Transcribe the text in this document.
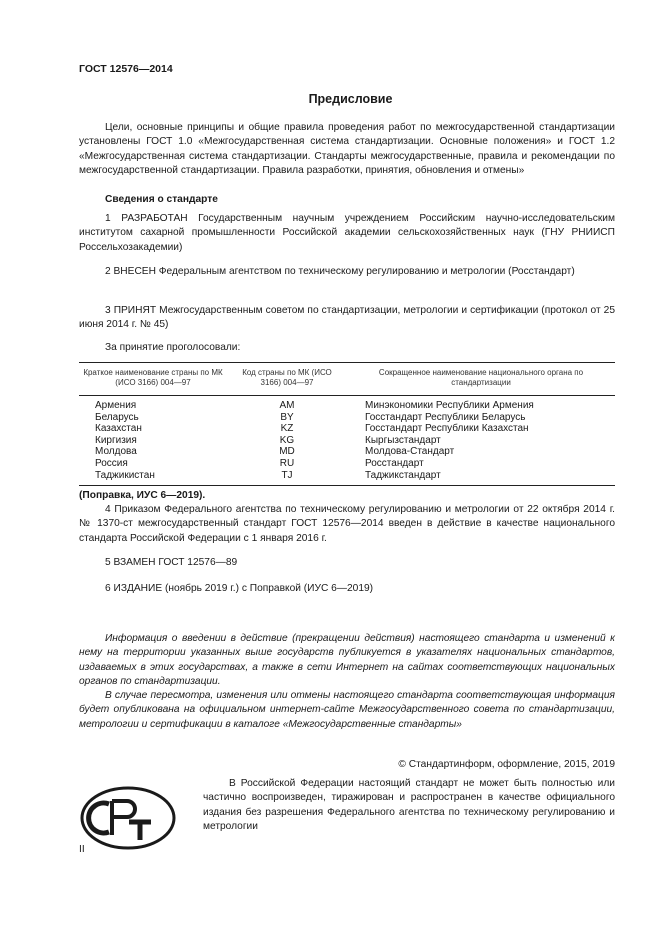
ГОСТ 12576—2014
Предисловие
Цели, основные принципы и общие правила проведения работ по межгосударственной стандартизации установлены ГОСТ 1.0 «Межгосударственная система стандартизации. Основные положения» и ГОСТ 1.2 «Межгосударственная система стандартизации. Стандарты межгосударственные, правила и рекомендации по межгосударственной стандартизации. Правила разработки, принятия, обновления и отмены»
Сведения о стандарте
1 РАЗРАБОТАН Государственным научным учреждением Российским научно-исследовательским институтом сахарной промышленности Российской академии сельскохозяйственных наук (ГНУ РНИИСП Россельхозакадемии)
2 ВНЕСЕН Федеральным агентством по техническому регулированию и метрологии (Росстандарт)
3 ПРИНЯТ Межгосударственным советом по стандартизации, метрологии и сертификации (протокол от 25 июня 2014 г. № 45)
За принятие проголосовали:
Краткое наименование страны по МК (ИСО 3166) 004—97	Код страны по МК (ИСО 3166) 004—97	Сокращенное наименование национального органа по стандартизации
Армения	AM	Минэкономики Республики Армения
Беларусь	BY	Госстандарт Республики Беларусь
Казахстан	KZ	Госстандарт Республики Казахстан
Киргизия	KG	Кыргызстандарт
Молдова	MD	Молдова-Стандарт
Россия	RU	Росстандарт
Таджикистан	TJ	Таджикстандарт
(Поправка, ИУС 6—2019).
4 Приказом Федерального агентства по техническому регулированию и метрологии от 22 октября 2014 г. № 1370-ст межгосударственный стандарт ГОСТ 12576—2014 введен в действие в качестве национального стандарта Российской Федерации с 1 января 2016 г.
5 ВЗАМЕН ГОСТ 12576—89
6 ИЗДАНИЕ (ноябрь 2019 г.) с Поправкой (ИУС 6—2019)
Информация о введении в действие (прекращении действия) настоящего стандарта и изменений к нему на территории указанных выше государств публикуется в указателях национальных стандартов, издаваемых в этих государствах, а также в сети Интернет на сайтах соответствующих национальных органов по стандартизации.
В случае пересмотра, изменения или отмены настоящего стандарта соответствующая информация будет опубликована на официальном интернет-сайте Межгосударственного совета по стандартизации, метрологии и сертификации в каталоге «Межгосударственные стандарты»
© Стандартинформ, оформление, 2015, 2019
В Российской Федерации настоящий стандарт не может быть полностью или частично воспроизведен, тиражирован и распространен в качестве официального издания без разрешения Федерального агентства по техническому регулированию и метрологии
II
